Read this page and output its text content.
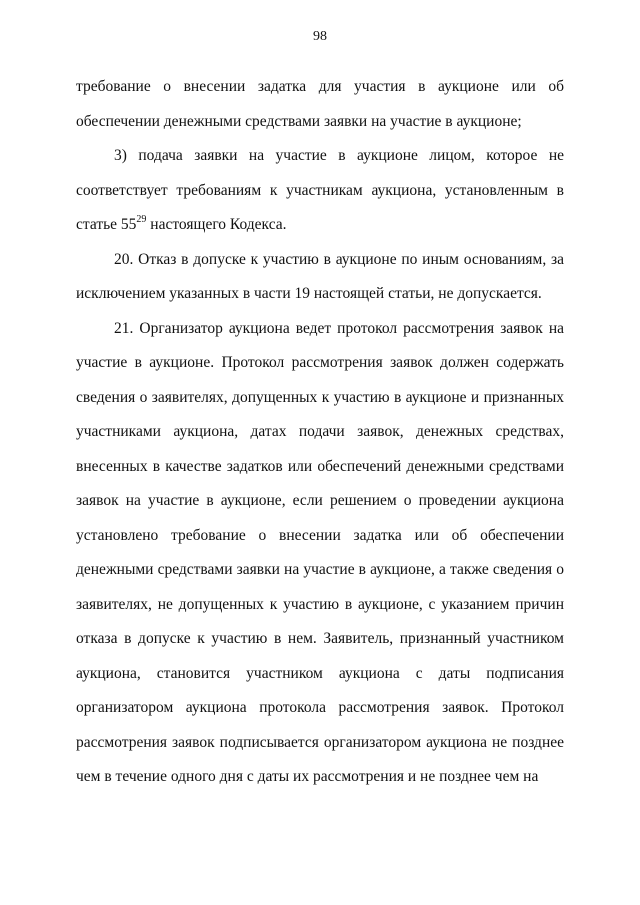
98

требование о внесении задатка для участия в аукционе или об обеспечении денежными средствами заявки на участие в аукционе;

3) подача заявки на участие в аукционе лицом, которое не соответствует требованиям к участникам аукциона, установленным в статье $55^{29}$ настоящего Кодекса.

20. Отказ в допуске к участию в аукционе по иным основаниям, за исключением указанных в части 19 настоящей статьи, не допускается.

21. Организатор аукциона ведет протокол рассмотрения заявок на участие в аукционе. Протокол рассмотрения заявок должен содержать сведения о заявителях, допущенных к участию в аукционе и признанных участниками аукциона, датах подачи заявок, денежных средствах, внесенных в качестве задатков или обеспечений денежными средствами заявок на участие в аукционе, если решением о проведении аукциона установлено требование о внесении задатка или об обеспечении денежными средствами заявки на участие в аукционе, а также сведения о заявителях, не допущенных к участию в аукционе, с указанием причин отказа в допуске к участию в нем. Заявитель, признанный участником аукциона, становится участником аукциона с даты подписания организатором аукциона протокола рассмотрения заявок. Протокол рассмотрения заявок подписывается организатором аукциона не позднее чем в течение одного дня с даты их рассмотрения и не позднее чем на
